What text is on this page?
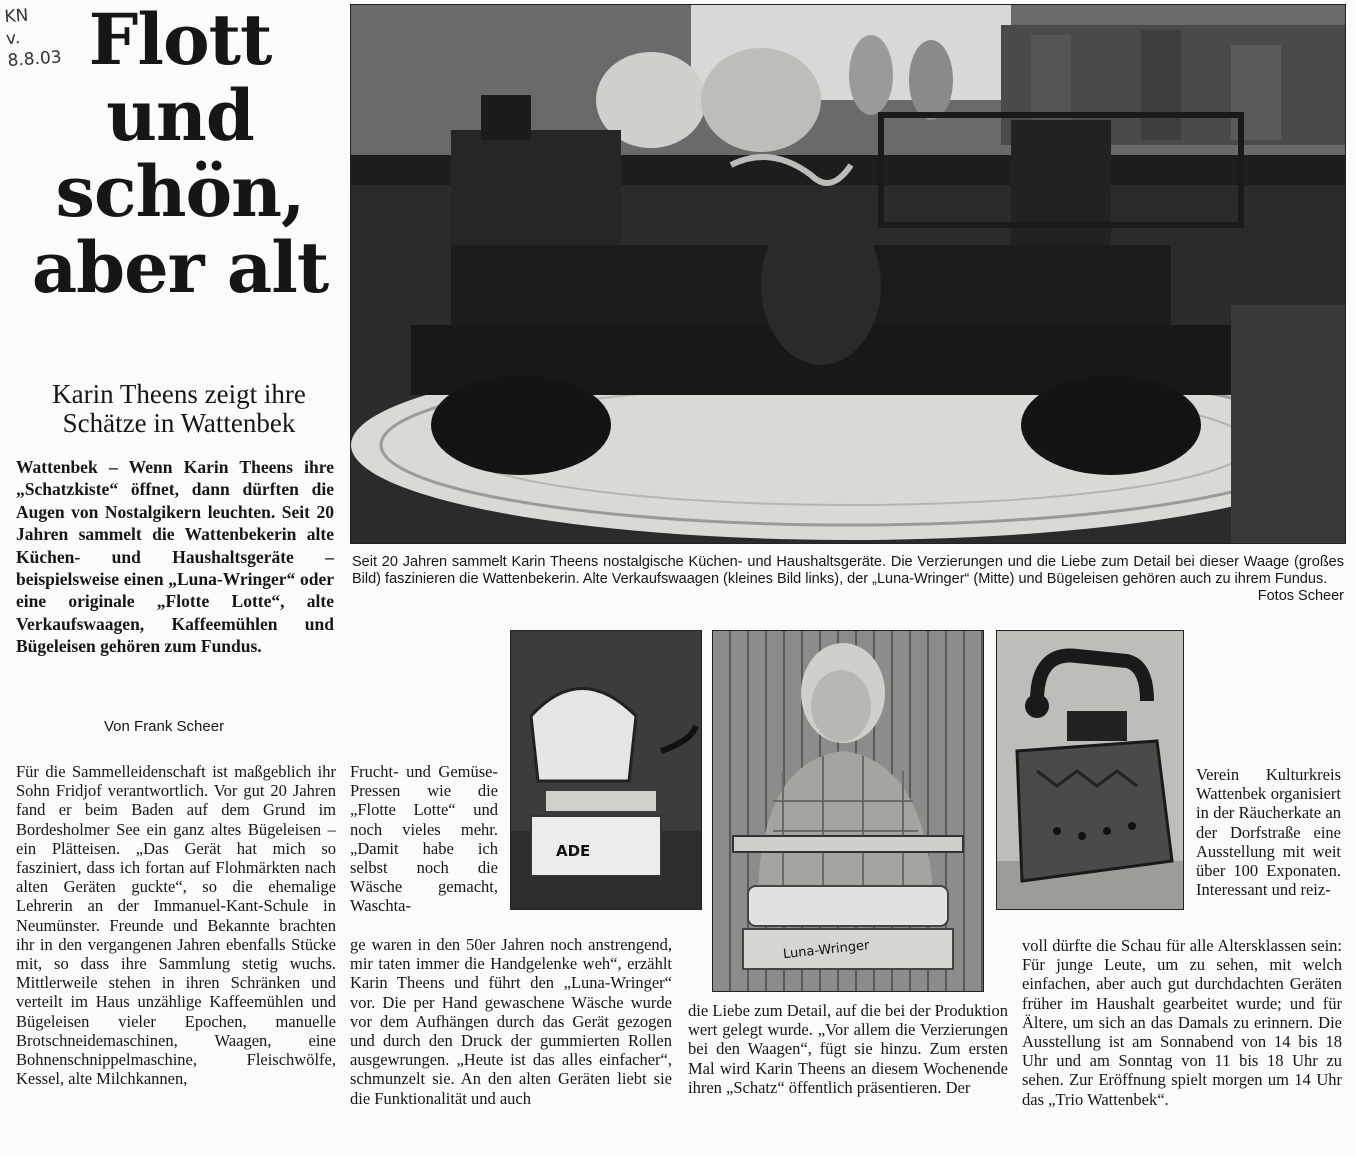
KN
v.
8.8.03 Flott
und
schön,
aber alt
Karin Theens zeigt ihre
Schätze in Wattenbek
Wattenbek – Wenn Karin Theens ihre „Schatzkiste“ öffnet, dann dürften die Augen von Nostalgikern leuchten. Seit 20 Jahren sammelt die Wattenbekerin alte Küchen- und Haushaltsgeräte – beispielsweise einen „Luna-Wringer“ oder eine originale „Flotte Lotte“, alte Verkaufswaagen, Kaffeemühlen und Bügeleisen gehören zum Fundus.
Von Frank Scheer
Seit 20 Jahren sammelt Karin Theens nostalgische Küchen- und Haushaltsgeräte. Die Verzierungen und die Liebe zum Detail bei dieser Waage (großes Bild) faszinieren die Wattenbekerin. Alte Verkaufswaagen (kleines Bild links), der „Luna-Wringer“ (Mitte) und Bügeleisen gehören auch zu ihrem Fundus.
Fotos Scheer
ADE
Luna-Wringer
Für die Sammelleidenschaft ist maßgeblich ihr Sohn Fridjof verantwortlich. Vor gut 20 Jahren fand er beim Baden auf dem Grund im Bordesholmer See ein ganz altes Bügeleisen – ein Plätteisen. „Das Gerät hat mich so fasziniert, dass ich fortan auf Flohmärkten nach alten Geräten guckte“, so die ehemalige Lehrerin an der Immanuel-Kant-Schule in Neumünster. Freunde und Bekannte brachten ihr in den vergangenen Jahren ebenfalls Stücke mit, so dass ihre Sammlung stetig wuchs. Mittlerweile stehen in ihren Schränken und verteilt im Haus unzählige Kaffeemühlen und Bügeleisen vieler Epochen, manuelle Brotschneidemaschinen, Waagen, eine Bohnenschnippelmaschine, Fleischwölfe, Kessel, alte Milchkannen,
Frucht- und Gemüse-Pressen wie die „Flotte Lotte“ und noch vieles mehr. „Damit habe ich selbst noch die Wäsche gemacht, Waschta-
ge waren in den 50er Jahren noch anstrengend, mir taten immer die Handgelenke weh“, erzählt Karin Theens und führt den „Luna-Wringer“ vor. Die per Hand gewaschene Wäsche wurde vor dem Aufhängen durch das Gerät gezogen und durch den Druck der gummierten Rollen ausgewrungen. „Heute ist das alles einfacher“, schmunzelt sie. An den alten Geräten liebt sie die Funktionalität und auch
die Liebe zum Detail, auf die bei der Produktion wert gelegt wurde. „Vor allem die Verzierungen bei den Waagen“, fügt sie hinzu. Zum ersten Mal wird Karin Theens an diesem Wochenende ihren „Schatz“ öffentlich präsentieren. Der
Verein Kulturkreis Wattenbek organisiert in der Räucherkate an der Dorfstraße eine Ausstellung mit weit über 100 Exponaten. Interessant und reiz-
voll dürfte die Schau für alle Altersklassen sein: Für junge Leute, um zu sehen, mit welch einfachen, aber auch gut durchdachten Geräten früher im Haushalt gearbeitet wurde; und für Ältere, um sich an das Damals zu erinnern. Die Ausstellung ist am Sonnabend von 14 bis 18 Uhr und am Sonntag von 11 bis 18 Uhr zu sehen. Zur Eröffnung spielt morgen um 14 Uhr das „Trio Wattenbek“.
